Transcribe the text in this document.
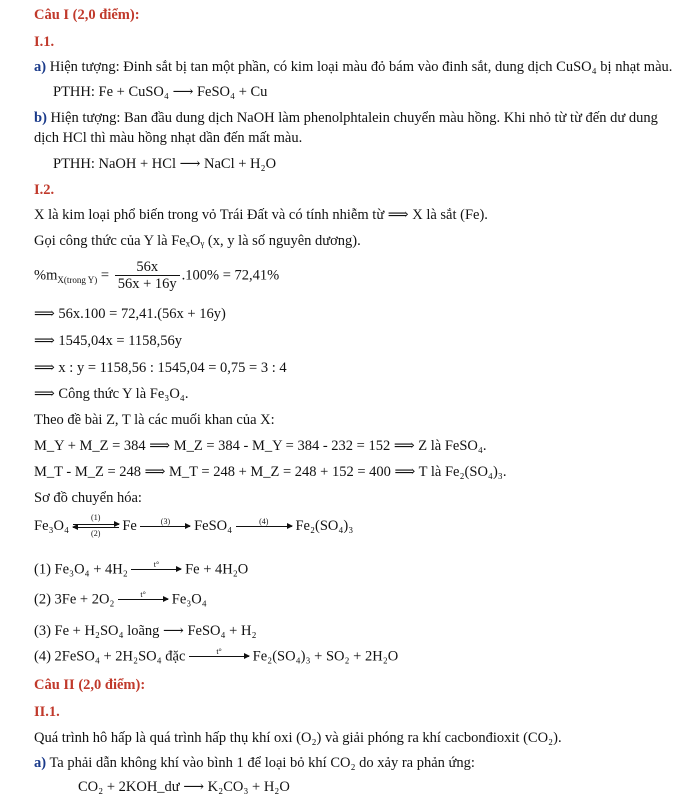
Câu I (2,0 điểm):
I.1.
a) Hiện tượng: Đinh sắt bị tan một phần, có kim loại màu đỏ bám vào đinh sắt, dung dịch CuSO₄ bị nhạt màu.
PTHH: Fe + CuSO₄ ⟶ FeSO₄ + Cu
b) Hiện tượng: Ban đầu dung dịch NaOH làm phenolphtalein chuyển màu hồng. Khi nhỏ từ từ đến dư dung
dịch HCl thì màu hồng nhạt dần đến mất màu.
PTHH: NaOH + HCl ⟶ NaCl + H₂O
I.2.
X là kim loại phổ biến trong vỏ Trái Đất và có tính nhiễm từ ⟹ X là sắt (Fe).
Gọi công thức của Y là FeₓOᵧ (x, y là số nguyên dương).
$\%m_{X(trong Y)} = \frac{56x}{56x + 16y} .100\% = 72,41\%$
⟹ 56x.100 = 72,41.(56x + 16y)
⟹ 1545,04x = 1158,56y
⟹ x : y = 1158,56 : 1545,04 = 0,75 = 3 : 4
⟹ Công thức Y là Fe₃O₄.
Theo đề bài Z, T là các muối khan của X:
M_Y + M_Z = 384 ⟹ M_Z = 384 - M_Y = 384 - 232 = 152 ⟹ Z là FeSO₄.
M_T - M_Z = 248 ⟹ M_T = 248 + M_Z = 248 + 152 = 400 ⟹ T là Fe₂(SO₄)₃.
Sơ đồ chuyển hóa:
$Fe_3O_4 \frac{(1)}{(2)}$ Fe	(3)
	FeSO₄	(4)
	Fe₂(SO₄)₃
(1) Fe₃O₄ + 4H₂	t°
	Fe + 4H₂O
(2) 3Fe + 2O₂	t°
	Fe₃O₄
(3) Fe + H₂SO₄ loãng ⟶ FeSO₄ + H₂
(4) 2FeSO₄ + 2H₂SO₄ đặc	t°
	Fe₂(SO₄)₃ + SO₂ + 2H₂O
Câu II (2,0 điểm):
II.1.
Quá trình hô hấp là quá trình hấp thụ khí oxi (O₂) và giải phóng ra khí cacbonđioxit (CO₂).
a) Ta phải dẫn không khí vào bình 1 để loại bỏ khí CO₂ do xảy ra phản ứng:
CO₂ + 2KOH_dư ⟶ K₂CO₃ + H₂O
